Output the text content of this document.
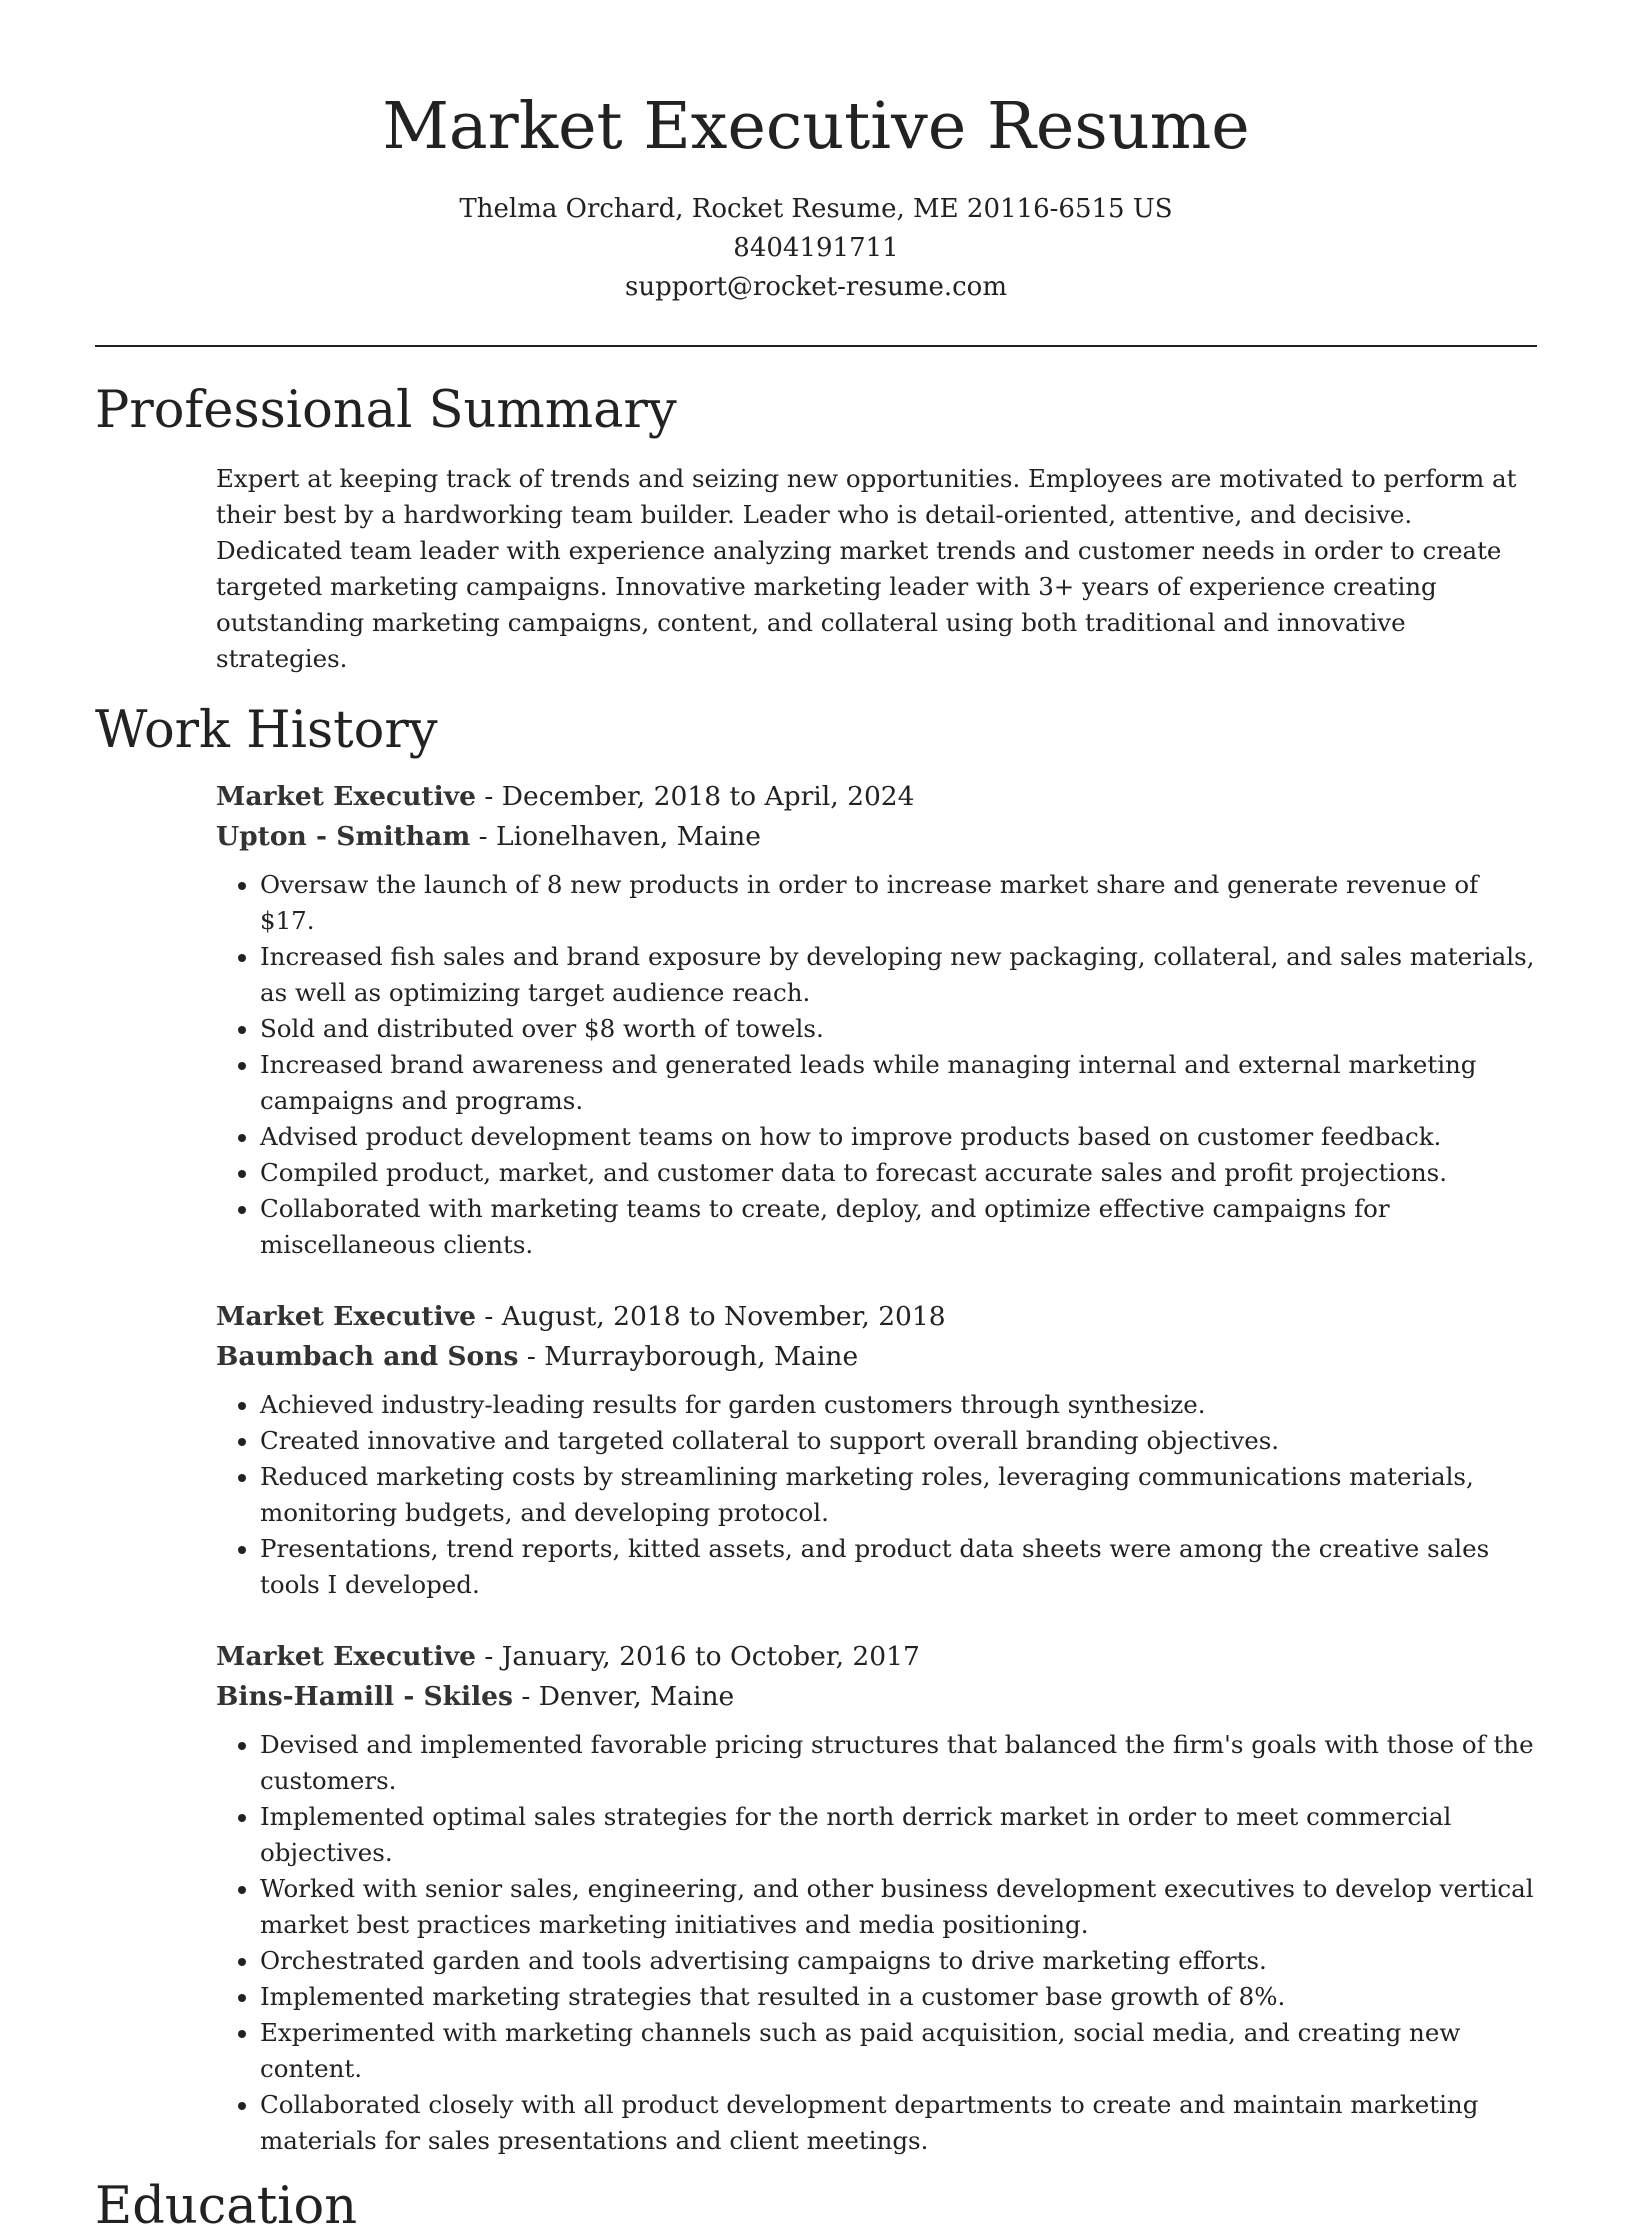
Market Executive Resume
Thelma Orchard, Rocket Resume, ME 20116-6515 US
8404191711
support@rocket-resume.com
Professional Summary

Expert at keeping track of trends and seizing new opportunities. Employees are motivated to perform at their best by a hardworking team builder. Leader who is detail-oriented, attentive, and decisive. Dedicated team leader with experience analyzing market trends and customer needs in order to create targeted marketing campaigns. Innovative marketing leader with 3+ years of experience creating outstanding marketing campaigns, content, and collateral using both traditional and innovative strategies.

Work History
Market Executive - December, 2018 to April, 2024
Upton - Smitham - Lionelhaven, Maine
• Oversaw the launch of 8 new products in order to increase market share and generate revenue of $17.
• Increased fish sales and brand exposure by developing new packaging, collateral, and sales materials, as well as optimizing target audience reach.
• Sold and distributed over $8 worth of towels.
• Increased brand awareness and generated leads while managing internal and external marketing campaigns and programs.
• Advised product development teams on how to improve products based on customer feedback.
• Compiled product, market, and customer data to forecast accurate sales and profit projections.
• Collaborated with marketing teams to create, deploy, and optimize effective campaigns for miscellaneous clients.
Market Executive - August, 2018 to November, 2018
Baumbach and Sons - Murrayborough, Maine
• Achieved industry-leading results for garden customers through synthesize.
• Created innovative and targeted collateral to support overall branding objectives.
• Reduced marketing costs by streamlining marketing roles, leveraging communications materials, monitoring budgets, and developing protocol.
• Presentations, trend reports, kitted assets, and product data sheets were among the creative sales tools I developed.
Market Executive - January, 2016 to October, 2017
Bins-Hamill - Skiles - Denver, Maine
• Devised and implemented favorable pricing structures that balanced the firm's goals with those of the customers.
• Implemented optimal sales strategies for the north derrick market in order to meet commercial objectives.
• Worked with senior sales, engineering, and other business development executives to develop vertical market best practices marketing initiatives and media positioning.
• Orchestrated garden and tools advertising campaigns to drive marketing efforts.
• Implemented marketing strategies that resulted in a customer base growth of 8%.
• Experimented with marketing channels such as paid acquisition, social media, and creating new content.
• Collaborated closely with all product development departments to create and maintain marketing materials for sales presentations and client meetings.
Education
